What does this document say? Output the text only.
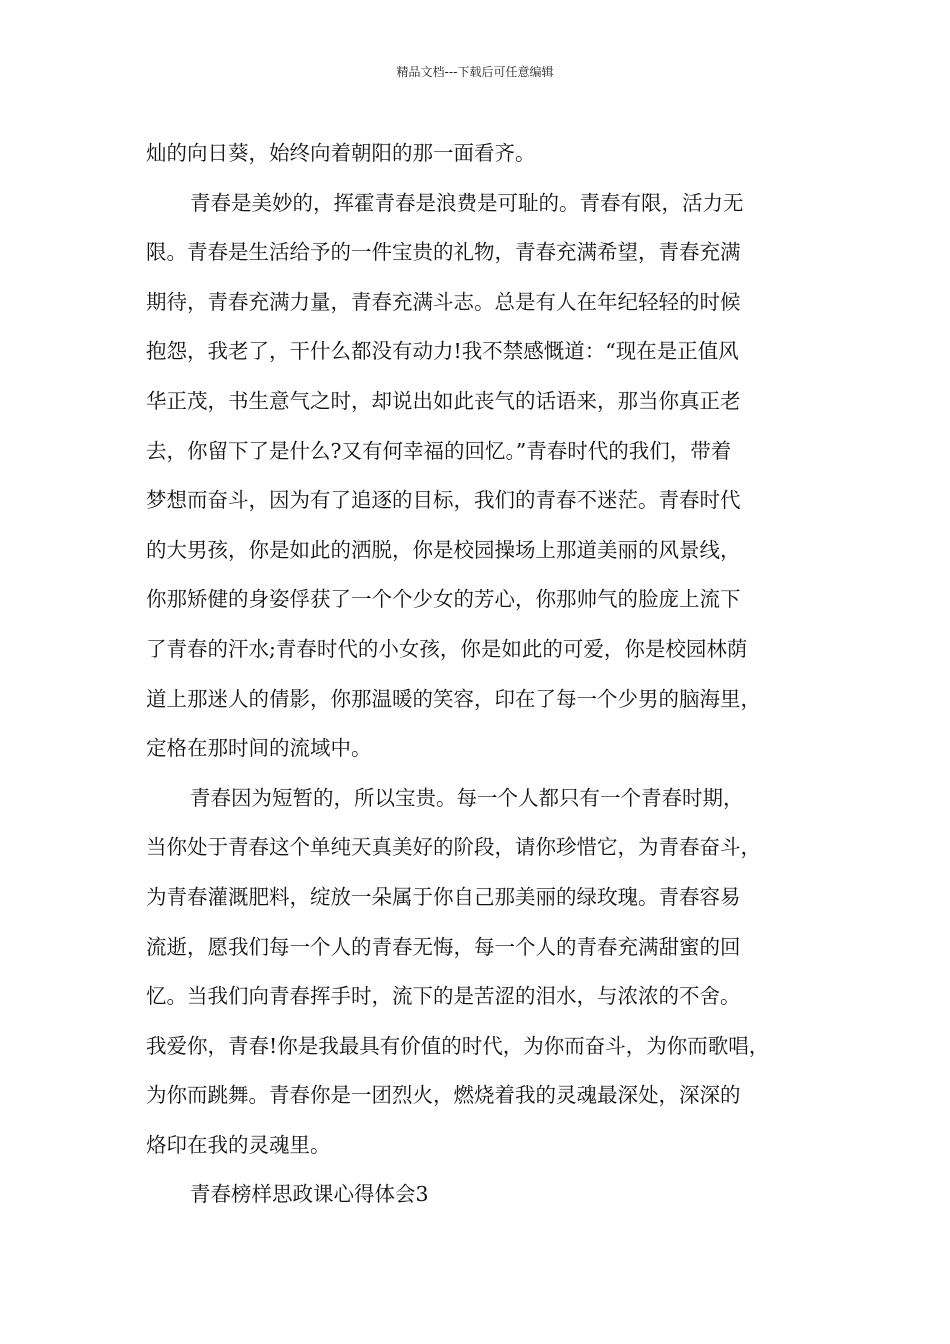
精品文档---下载后可任意编辑
灿的向日葵，始终向着朝阳的那一面看齐。
青春是美妙的，挥霍青春是浪费是可耻的。青春有限，活力无
限。青春是生活给予的一件宝贵的礼物，青春充满希望，青春充满
期待，青春充满力量，青春充满斗志。总是有人在年纪轻轻的时候
抱怨，我老了，干什么都没有动力!我不禁感慨道：“现在是正值风
华正茂，书生意气之时，却说出如此丧气的话语来，那当你真正老
去，你留下了是什么?又有何幸福的回忆。”青春时代的我们，带着
梦想而奋斗，因为有了追逐的目标，我们的青春不迷茫。青春时代
的大男孩，你是如此的洒脱，你是校园操场上那道美丽的风景线，
你那矫健的身姿俘获了一个个少女的芳心，你那帅气的脸庞上流下
了青春的汗水;青春时代的小女孩，你是如此的可爱，你是校园林荫
道上那迷人的倩影，你那温暖的笑容，印在了每一个少男的脑海里，
定格在那时间的流域中。
青春因为短暂的，所以宝贵。每一个人都只有一个青春时期，
当你处于青春这个单纯天真美好的阶段，请你珍惜它，为青春奋斗，
为青春灌溉肥料，绽放一朵属于你自己那美丽的绿玫瑰。青春容易
流逝，愿我们每一个人的青春无悔，每一个人的青春充满甜蜜的回
忆。当我们向青春挥手时，流下的是苦涩的泪水，与浓浓的不舍。
我爱你，青春!你是我最具有价值的时代，为你而奋斗，为你而歌唱，
为你而跳舞。青春你是一团烈火，燃烧着我的灵魂最深处，深深的
烙印在我的灵魂里。
青春榜样思政课心得体会3
